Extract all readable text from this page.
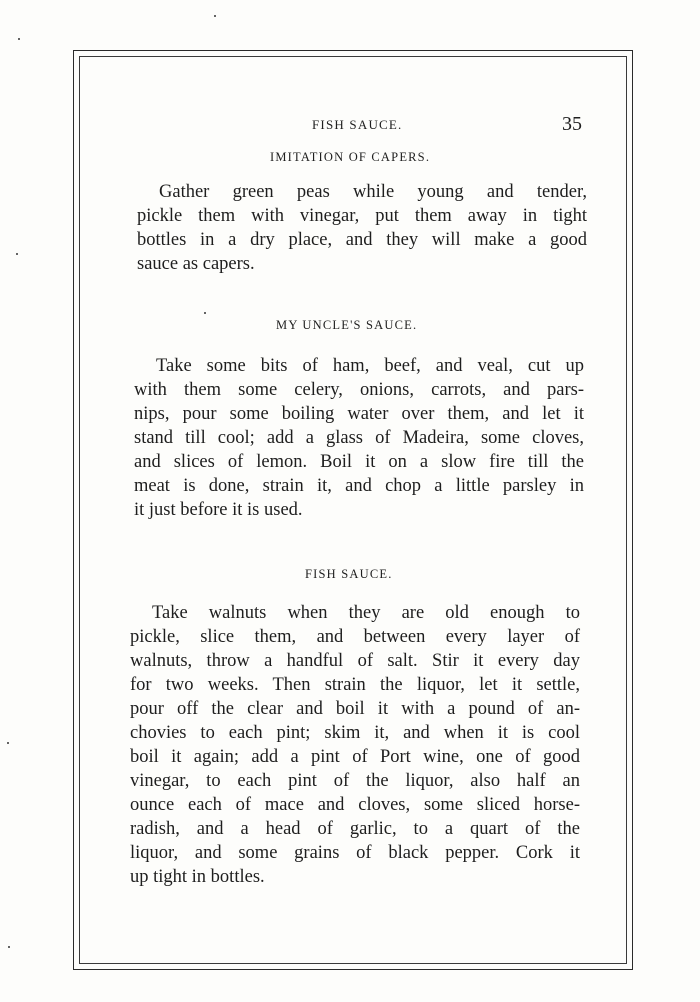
FISH SAUCE.	35
IMITATION OF CAPERS.
Gather green peas while young and tender,
pickle them with vinegar, put them away in tight
bottles in a dry place, and they will make a good
sauce as capers.
MY UNCLE'S SAUCE.
Take some bits of ham, beef, and veal, cut up
with them some celery, onions, carrots, and pars-
nips, pour some boiling water over them, and let it
stand till cool; add a glass of Madeira, some cloves,
and slices of lemon. Boil it on a slow fire till the
meat is done, strain it, and chop a little parsley in
it just before it is used.
FISH SAUCE.
Take walnuts when they are old enough to
pickle, slice them, and between every layer of
walnuts, throw a handful of salt. Stir it every day
for two weeks. Then strain the liquor, let it settle,
pour off the clear and boil it with a pound of an-
chovies to each pint; skim it, and when it is cool
boil it again; add a pint of Port wine, one of good
vinegar, to each pint of the liquor, also half an
ounce each of mace and cloves, some sliced horse-
radish, and a head of garlic, to a quart of the
liquor, and some grains of black pepper. Cork it
up tight in bottles.
